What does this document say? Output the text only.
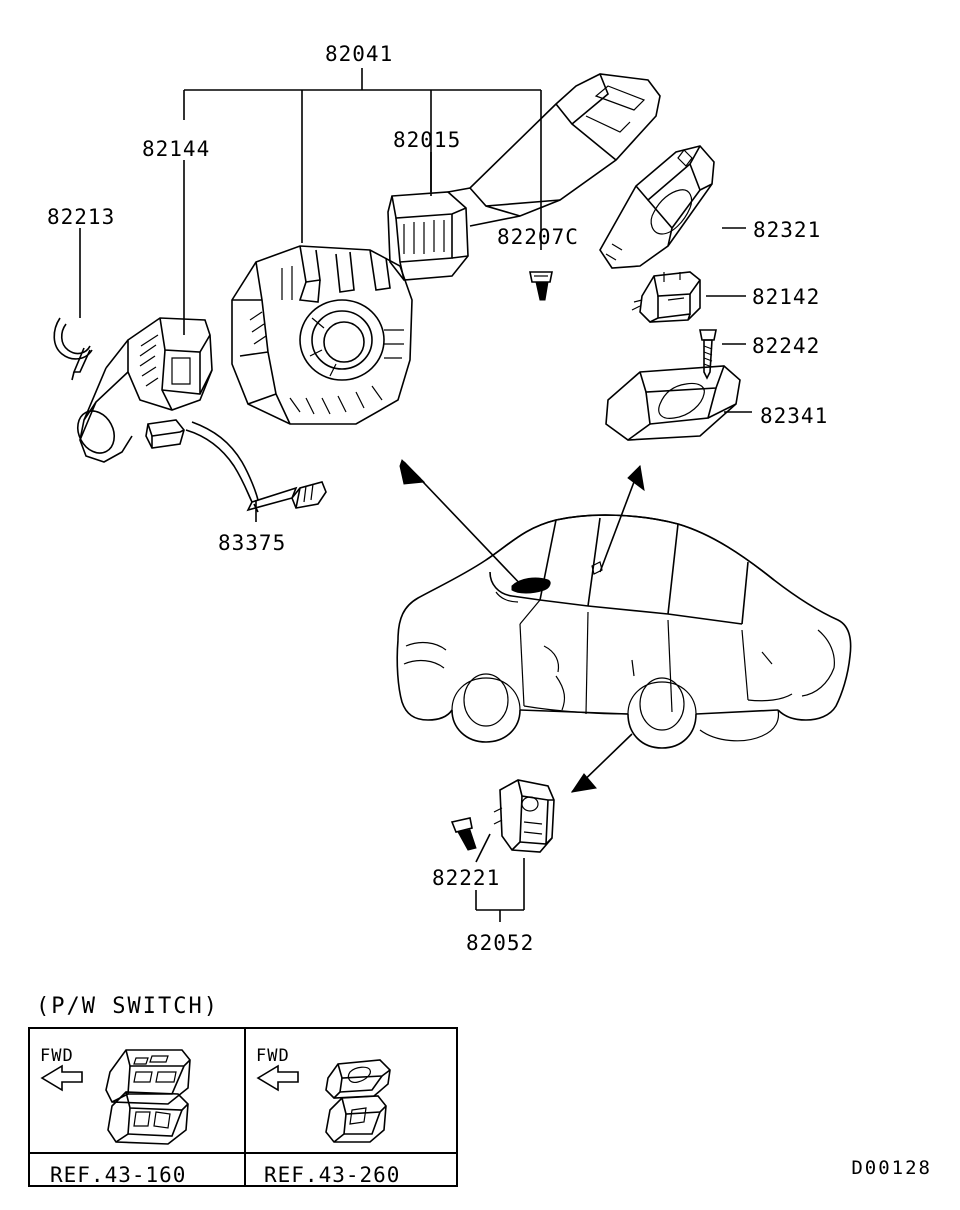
82041
82144	82015
82213
82207C	82321
82142
82242
82341
83375
82221
82052
(P/W SWITCH)
FWD	FWD
REF.43-160	REF.43-260	D00128
